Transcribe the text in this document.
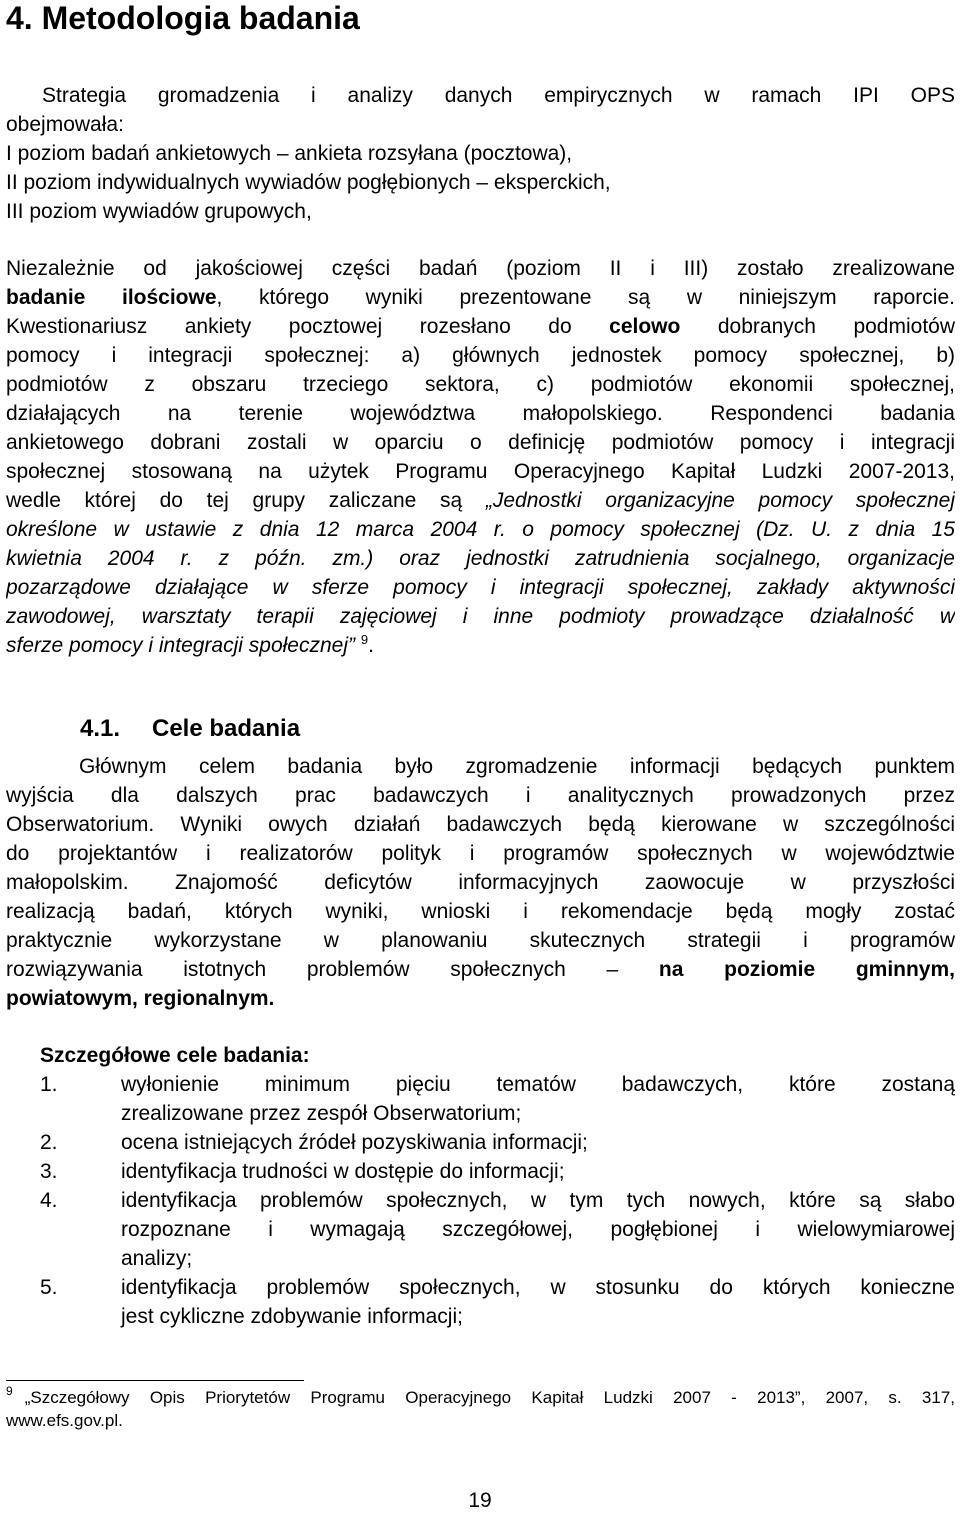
4. Metodologia badania
Strategia gromadzenia i analizy danych empirycznych w ramach IPI OPS
obejmowała:
I poziom badań ankietowych – ankieta rozsyłana (pocztowa),
II poziom indywidualnych wywiadów pogłębionych – eksperckich,
III poziom wywiadów grupowych,
Niezależnie od jakościowej części badań (poziom II i III) zostało zrealizowane
badanie ilościowe, którego wyniki prezentowane są w niniejszym raporcie.
Kwestionariusz ankiety pocztowej rozesłano do celowo dobranych podmiotów
pomocy i integracji społecznej: a) głównych jednostek pomocy społecznej, b)
podmiotów z obszaru trzeciego sektora, c) podmiotów ekonomii społecznej,
działających na terenie województwa małopolskiego. Respondenci badania
ankietowego dobrani zostali w oparciu o definicję podmiotów pomocy i integracji
społecznej stosowaną na użytek Programu Operacyjnego Kapitał Ludzki 2007-2013,
wedle której do tej grupy zaliczane są „Jednostki organizacyjne pomocy społecznej
określone w ustawie z dnia 12 marca 2004 r. o pomocy społecznej (Dz. U. z dnia 15
kwietnia 2004 r. z późn. zm.) oraz jednostki zatrudnienia socjalnego, organizacje
pozarządowe działające w sferze pomocy i integracji społecznej, zakłady aktywności
zawodowej, warsztaty terapii zajęciowej i inne podmioty prowadzące działalność w
sferze pomocy i integracji społecznej” $^9$.
4.1. Cele badania
Głównym celem badania było zgromadzenie informacji będących punktem
wyjścia dla dalszych prac badawczych i analitycznych prowadzonych przez
Obserwatorium. Wyniki owych działań badawczych będą kierowane w szczególności
do projektantów i realizatorów polityk i programów społecznych w województwie
małopolskim. Znajomość deficytów informacyjnych zaowocuje w przyszłości
realizacją badań, których wyniki, wnioski i rekomendacje będą mogły zostać
praktycznie wykorzystane w planowaniu skutecznych strategii i programów
rozwiązywania istotnych problemów społecznych – na poziomie gminnym,
powiatowym, regionalnym.
Szczegółowe cele badania:
1.	wyłonienie minimum pięciu tematów badawczych, które zostaną
zrealizowane przez zespół Obserwatorium;
2.	ocena istniejących źródeł pozyskiwania informacji;
3.	identyfikacja trudności w dostępie do informacji;
4.	identyfikacja problemów społecznych, w tym tych nowych, które są słabo
rozpoznane i wymagają szczegółowej, pogłębionej i wielowymiarowej
analizy;
5.	identyfikacja problemów społecznych, w stosunku do których konieczne
jest cykliczne zdobywanie informacji;
$^9$ „Szczegółowy Opis Priorytetów Programu Operacyjnego Kapitał Ludzki 2007 - 2013”, 2007, s. 317,
www.efs.gov.pl.
19
